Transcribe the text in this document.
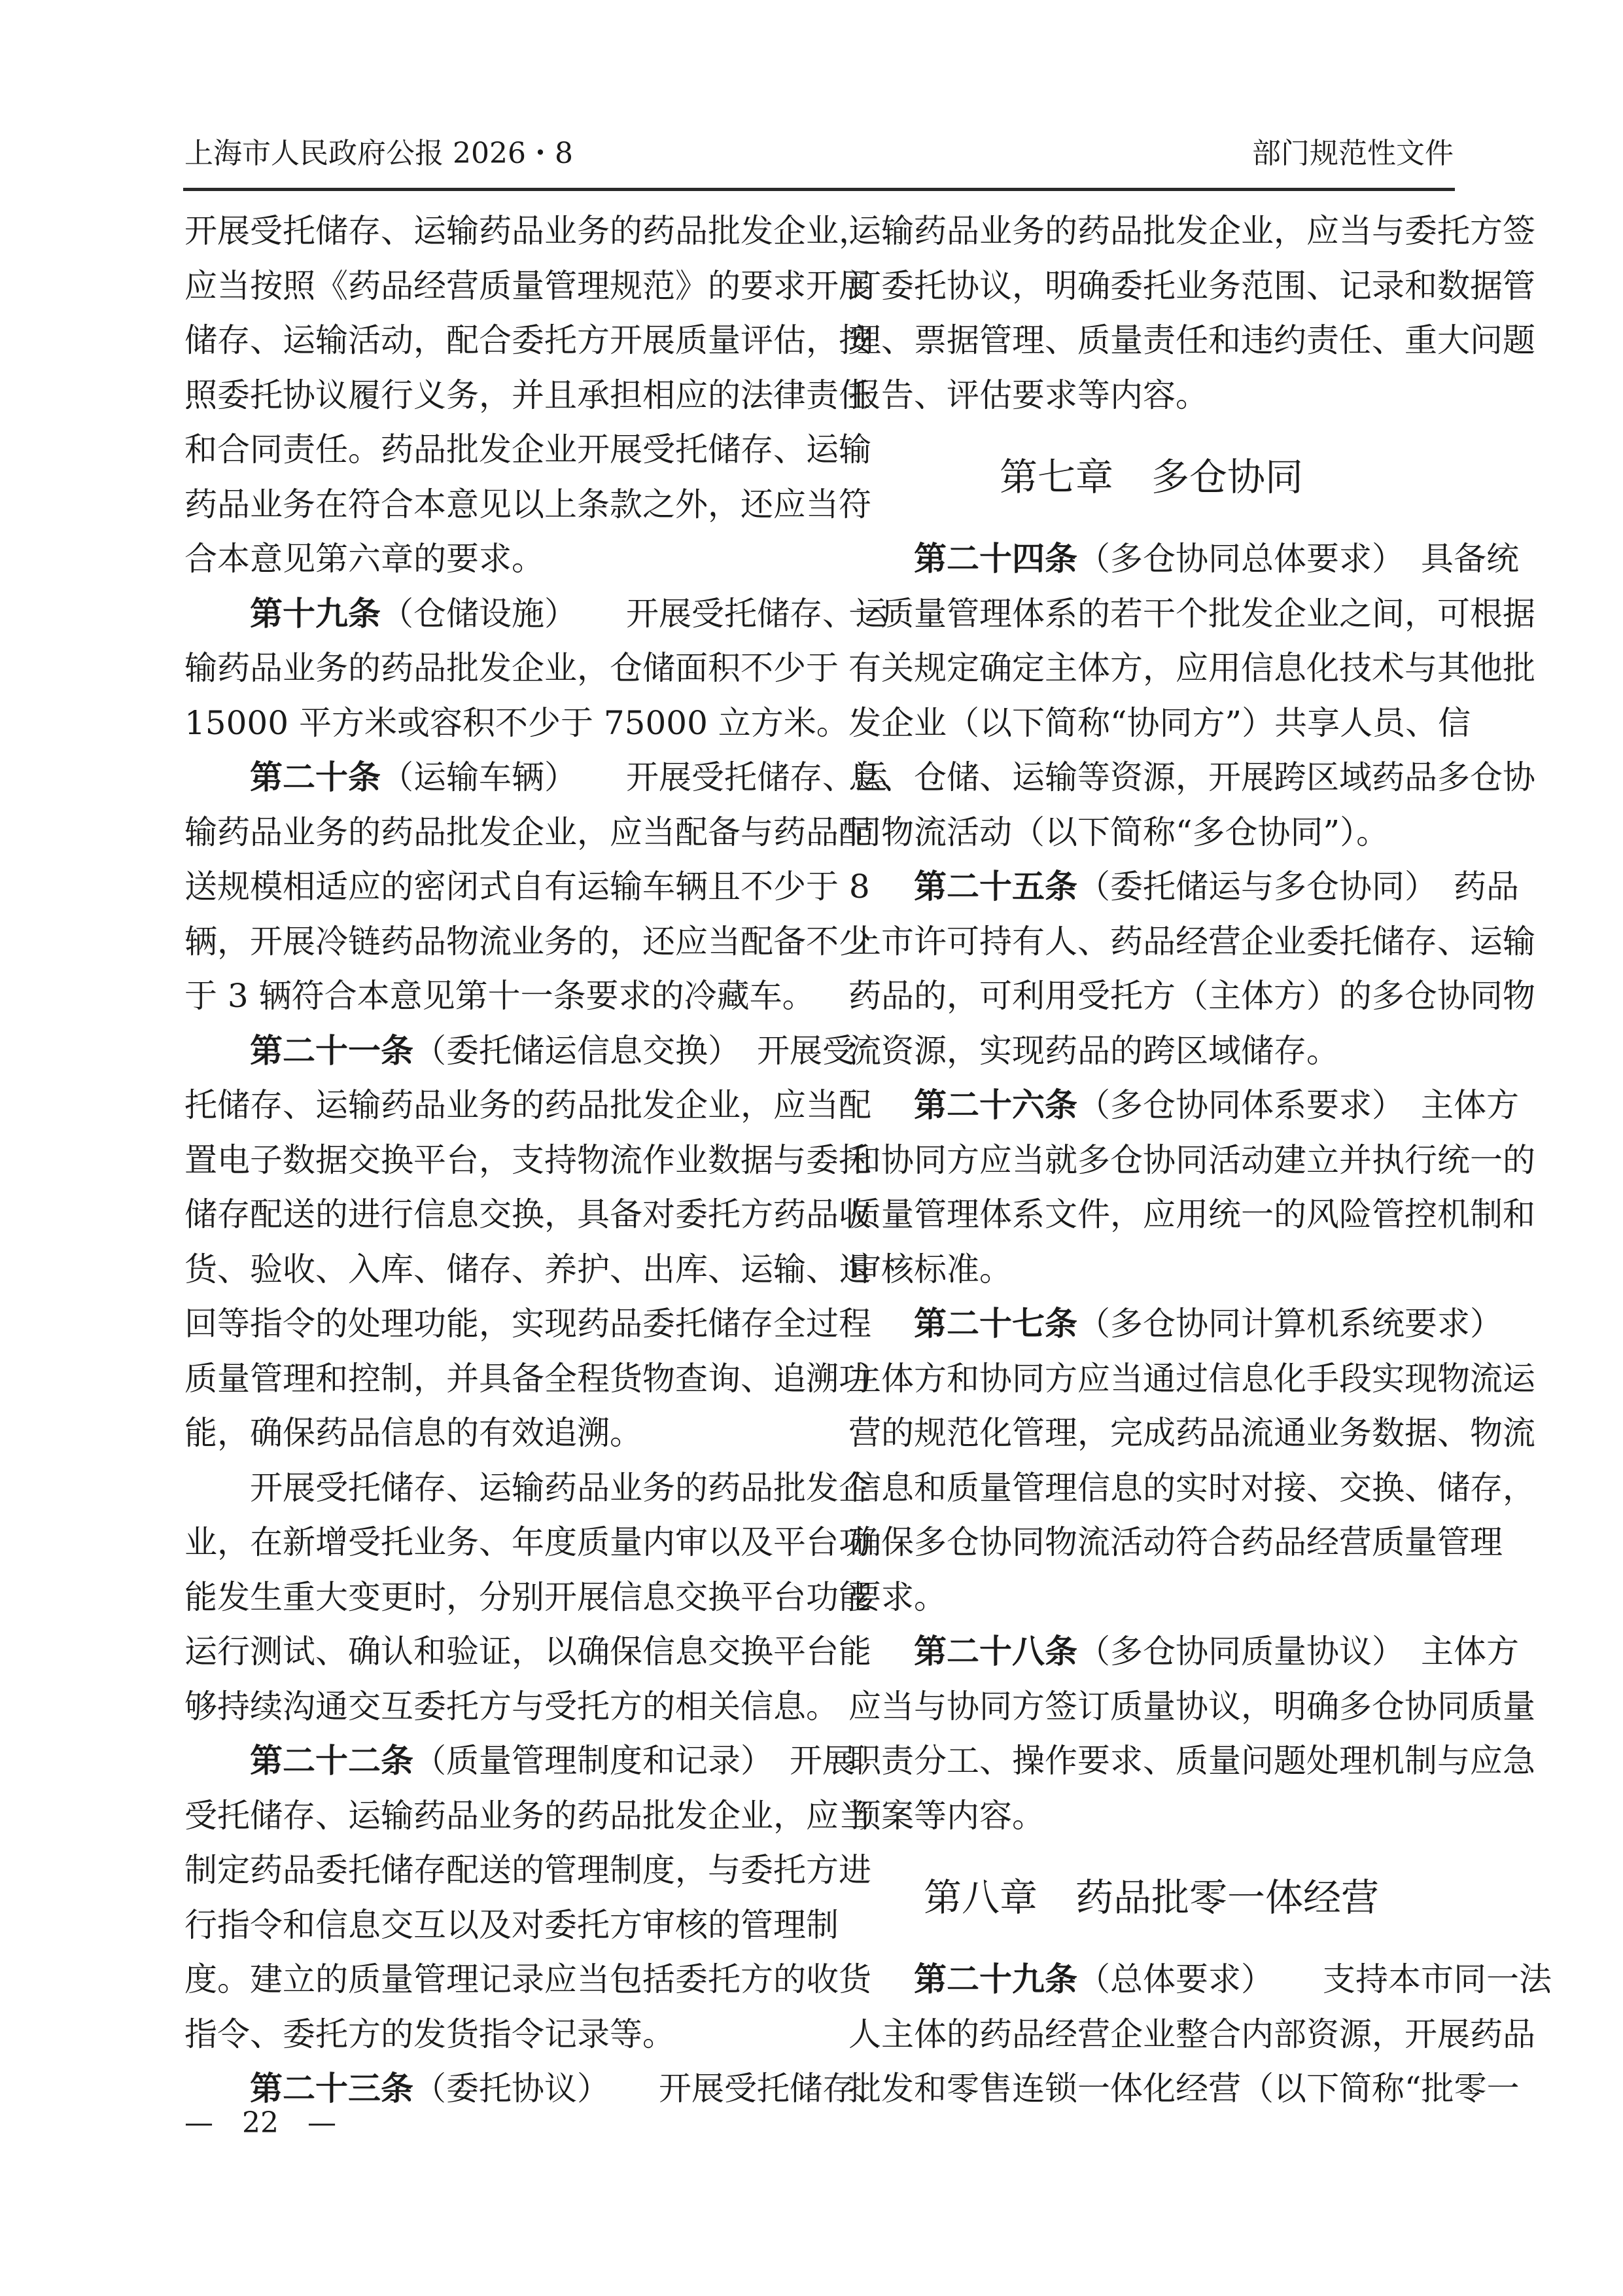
上海市人民政府公报 2026・8	部门规范性文件
开展受托储存、运输药品业务的药品批发企业，
应当按照《药品经营质量管理规范》的要求开展
储存、运输活动，配合委托方开展质量评估，按
照委托协议履行义务，并且承担相应的法律责任
和合同责任。药品批发企业开展受托储存、运输
药品业务在符合本意见以上条款之外，还应当符
合本意见第六章的要求。
第十九条（仓储设施）　　开展受托储存、运
输药品业务的药品批发企业，仓储面积不少于
15000 平方米或容积不少于 75000 立方米。
第二十条（运输车辆）　　开展受托储存、运
输药品业务的药品批发企业，应当配备与药品配
送规模相适应的密闭式自有运输车辆且不少于 8
辆，开展冷链药品物流业务的，还应当配备不少
于 3 辆符合本意见第十一条要求的冷藏车。
第二十一条（委托储运信息交换）　开展受
托储存、运输药品业务的药品批发企业，应当配
置电子数据交换平台，支持物流作业数据与委托
储存配送的进行信息交换，具备对委托方药品收
货、验收、入库、储存、养护、出库、运输、退
回等指令的处理功能，实现药品委托储存全过程
质量管理和控制，并具备全程货物查询、追溯功
能，确保药品信息的有效追溯。
开展受托储存、运输药品业务的药品批发企
业，在新增受托业务、年度质量内审以及平台功
能发生重大变更时，分别开展信息交换平台功能
运行测试、确认和验证，以确保信息交换平台能
够持续沟通交互委托方与受托方的相关信息。
第二十二条（质量管理制度和记录）　开展
受托储存、运输药品业务的药品批发企业，应当
制定药品委托储存配送的管理制度，与委托方进
行指令和信息交互以及对委托方审核的管理制
度。建立的质量管理记录应当包括委托方的收货
指令、委托方的发货指令记录等。
第二十三条（委托协议）　　开展受托储存、
运输药品业务的药品批发企业，应当与委托方签
订委托协议，明确委托业务范围、记录和数据管
理、票据管理、质量责任和违约责任、重大问题
报告、评估要求等内容。
第七章　多仓协同
第二十四条（多仓协同总体要求）　具备统
一质量管理体系的若干个批发企业之间，可根据
有关规定确定主体方，应用信息化技术与其他批
发企业（以下简称“协同方”）共享人员、信
息、仓储、运输等资源，开展跨区域药品多仓协
同物流活动（以下简称“多仓协同”）。
第二十五条（委托储运与多仓协同）　药品
上市许可持有人、药品经营企业委托储存、运输
药品的，可利用受托方（主体方）的多仓协同物
流资源，实现药品的跨区域储存。
第二十六条（多仓协同体系要求）　主体方
和协同方应当就多仓协同活动建立并执行统一的
质量管理体系文件，应用统一的风险管控机制和
审核标准。
第二十七条（多仓协同计算机系统要求）
主体方和协同方应当通过信息化手段实现物流运
营的规范化管理，完成药品流通业务数据、物流
信息和质量管理信息的实时对接、交换、储存，
确保多仓协同物流活动符合药品经营质量管理
要求。
第二十八条（多仓协同质量协议）　主体方
应当与协同方签订质量协议，明确多仓协同质量
职责分工、操作要求、质量问题处理机制与应急
预案等内容。
第八章　药品批零一体经营
第二十九条（总体要求）　　支持本市同一法
人主体的药品经营企业整合内部资源，开展药品
批发和零售连锁一体化经营（以下简称“批零一
—　22　—
